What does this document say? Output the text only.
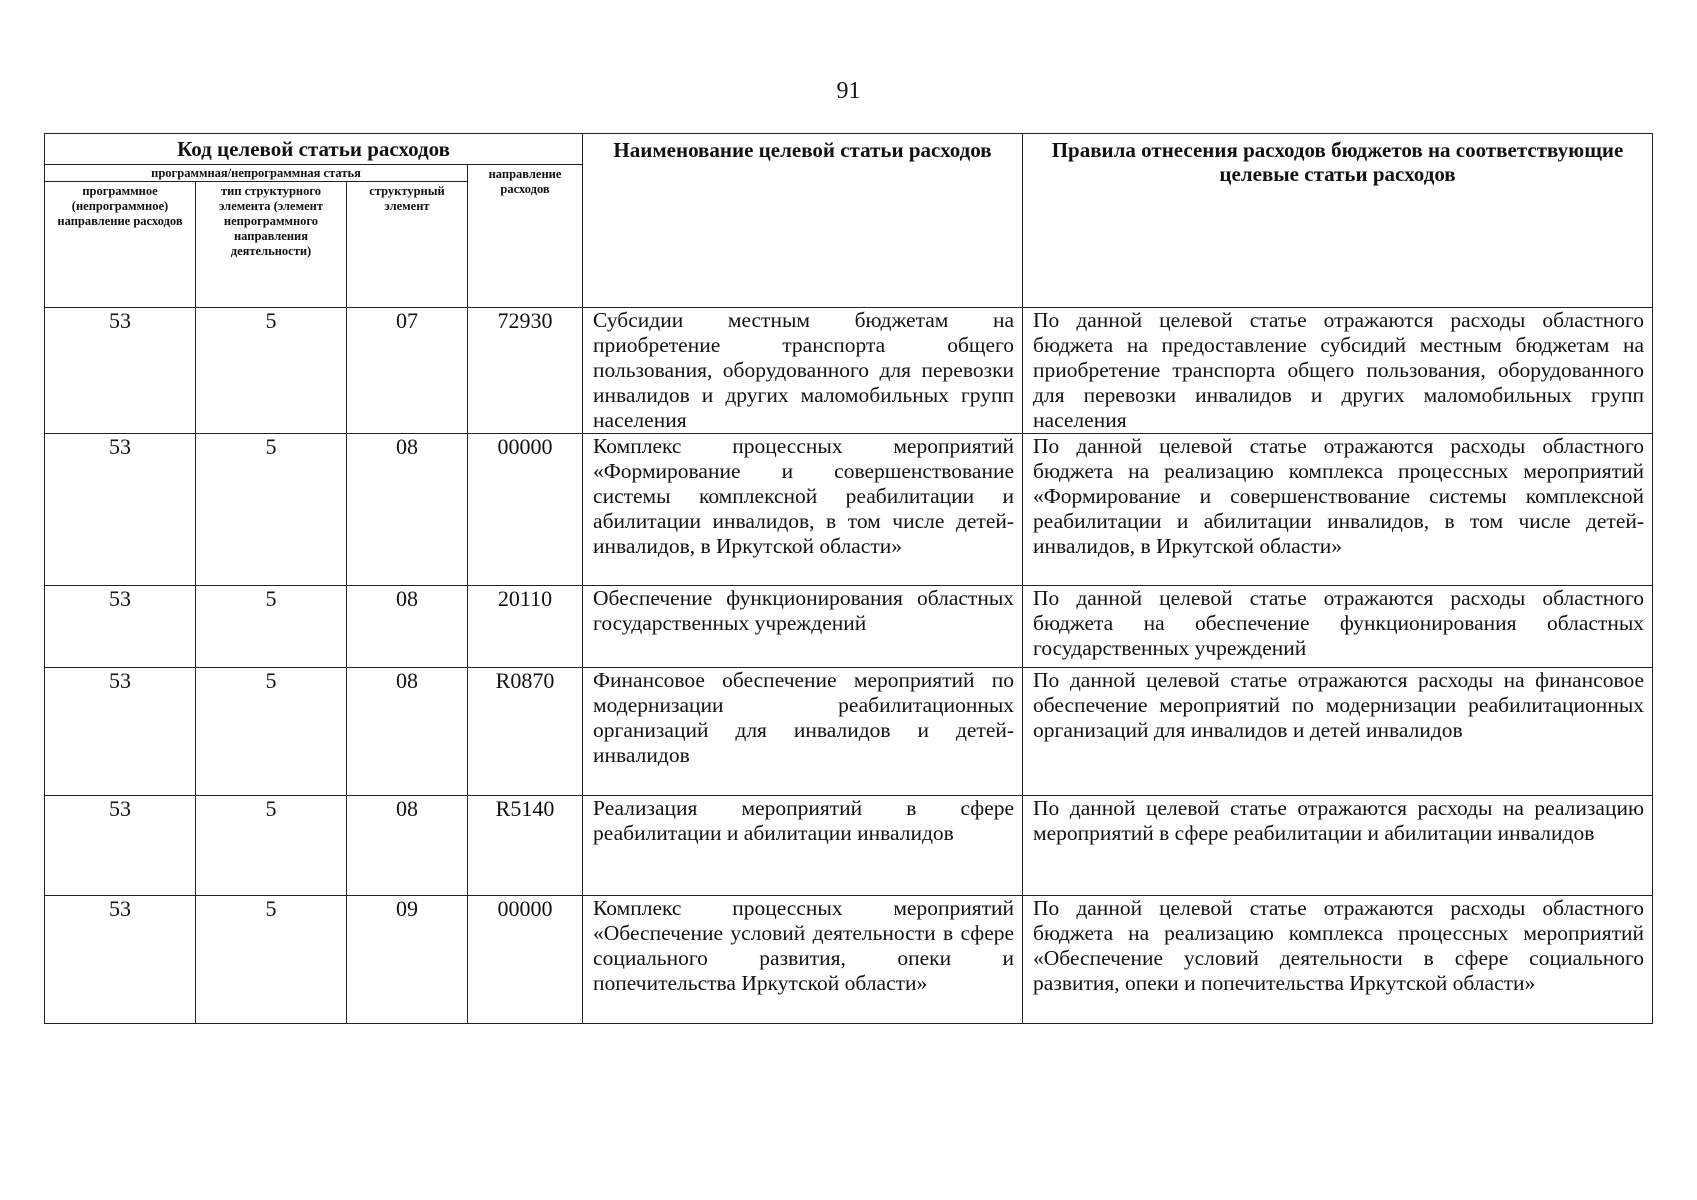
91
Код целевой статьи расходов				Наименование целевой статьи расходов	Правила отнесения расходов бюджетов на соответствующие целевые статьи расходов
программная/непрограммная статья			направление расходов		
программное (непрограммное) направление расходов	тип структурного элемента (элемент непрограммного направления деятельности)	структурный элемент			
53	5	07	72930	Субсидии местным бюджетам на приобретение транспорта общего пользования, оборудованного для перевозки инвалидов и других маломобильных групп населения	По данной целевой статье отражаются расходы областного бюджета на предоставление субсидий местным бюджетам на приобретение транспорта общего пользования, оборудованного для перевозки инвалидов и других маломобильных групп населения
53	5	08	00000	Комплекс процессных мероприятий «Формирование и совершенствование системы комплексной реабилитации и абилитации инвалидов, в том числе детей-инвалидов, в Иркутской области»	По данной целевой статье отражаются расходы областного бюджета на реализацию комплекса процессных мероприятий «Формирование и совершенствование системы комплексной реабилитации и абилитации инвалидов, в том числе детей-инвалидов, в Иркутской области»
53	5	08	20110	Обеспечение функционирования областных государственных учреждений	По данной целевой статье отражаются расходы областного бюджета на обеспечение функционирования областных государственных учреждений
53	5	08	R0870	Финансовое обеспечение мероприятий по модернизации реабилитационных организаций для инвалидов и детей-инвалидов	По данной целевой статье отражаются расходы на финансовое обеспечение мероприятий по модернизации реабилитационных организаций для инвалидов и детей инвалидов
53	5	08	R5140	Реализация мероприятий в сфере реабилитации и абилитации инвалидов	По данной целевой статье отражаются расходы на реализацию мероприятий в сфере реабилитации и абилитации инвалидов
53	5	09	00000	Комплекс процессных мероприятий «Обеспечение условий деятельности в сфере социального развития, опеки и попечительства Иркутской области»	По данной целевой статье отражаются расходы областного бюджета на реализацию комплекса процессных мероприятий «Обеспечение условий деятельности в сфере социального развития, опеки и попечительства Иркутской области»
